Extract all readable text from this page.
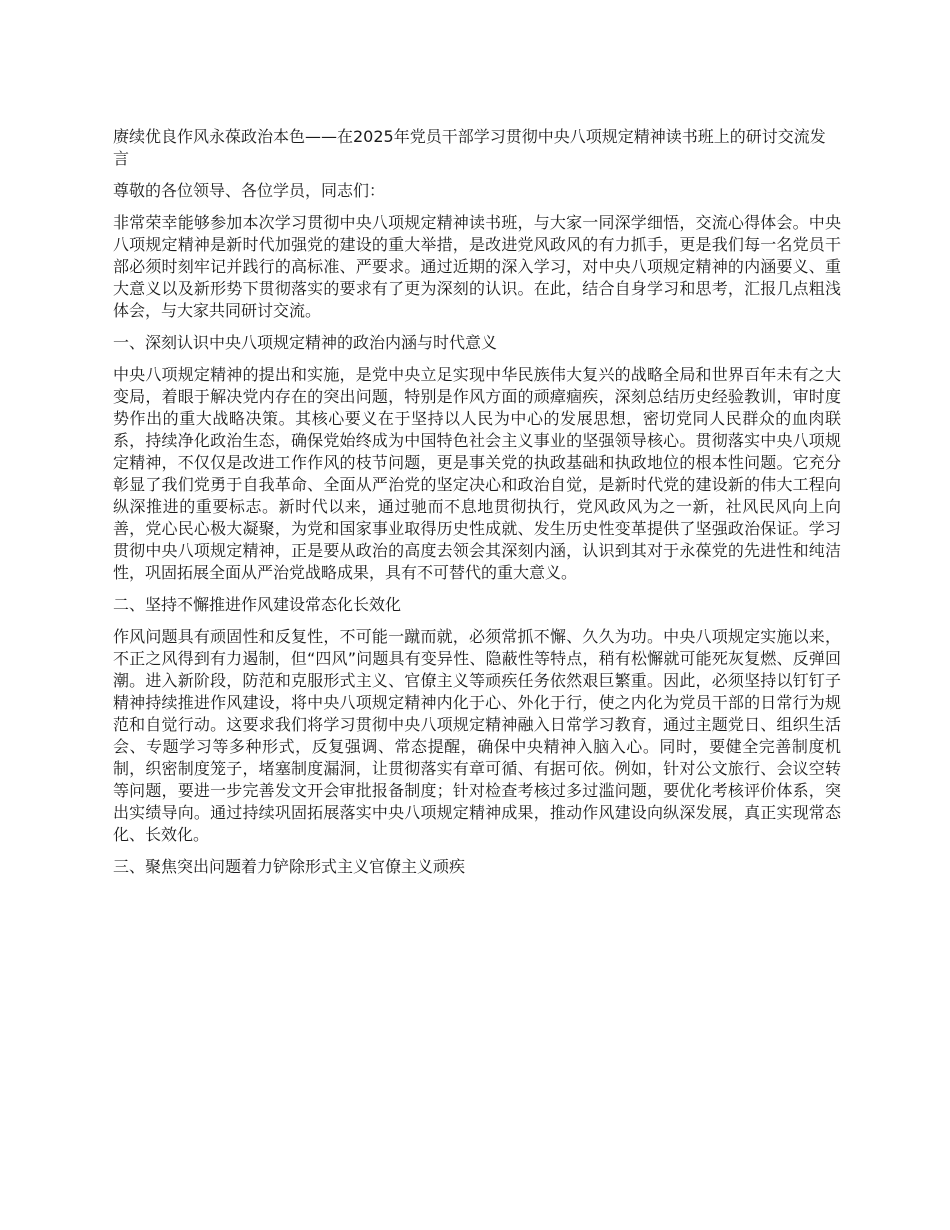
赓续优良作风永葆政治本色——在2025年党员干部学习贯彻中央八项规定精神读书班上的研讨交流发言

尊敬的各位领导、各位学员，同志们：

非常荣幸能够参加本次学习贯彻中央八项规定精神读书班，与大家一同深学细悟，交流心得体会。中央八项规定精神是新时代加强党的建设的重大举措，是改进党风政风的有力抓手，更是我们每一名党员干部必须时刻牢记并践行的高标准、严要求。通过近期的深入学习，对中央八项规定精神的内涵要义、重大意义以及新形势下贯彻落实的要求有了更为深刻的认识。在此，结合自身学习和思考，汇报几点粗浅体会，与大家共同研讨交流。

一、深刻认识中央八项规定精神的政治内涵与时代意义

中央八项规定精神的提出和实施，是党中央立足实现中华民族伟大复兴的战略全局和世界百年未有之大变局，着眼于解决党内存在的突出问题，特别是作风方面的顽瘴痼疾，深刻总结历史经验教训，审时度势作出的重大战略决策。其核心要义在于坚持以人民为中心的发展思想，密切党同人民群众的血肉联系，持续净化政治生态，确保党始终成为中国特色社会主义事业的坚强领导核心。贯彻落实中央八项规定精神，不仅仅是改进工作作风的枝节问题，更是事关党的执政基础和执政地位的根本性问题。它充分彰显了我们党勇于自我革命、全面从严治党的坚定决心和政治自觉，是新时代党的建设新的伟大工程向纵深推进的重要标志。新时代以来，通过驰而不息地贯彻执行，党风政风为之一新，社风民风向上向善，党心民心极大凝聚，为党和国家事业取得历史性成就、发生历史性变革提供了坚强政治保证。学习贯彻中央八项规定精神，正是要从政治的高度去领会其深刻内涵，认识到其对于永葆党的先进性和纯洁性，巩固拓展全面从严治党战略成果，具有不可替代的重大意义。

二、坚持不懈推进作风建设常态化长效化

作风问题具有顽固性和反复性，不可能一蹴而就，必须常抓不懈、久久为功。中央八项规定实施以来，不正之风得到有力遏制，但“四风”问题具有变异性、隐蔽性等特点，稍有松懈就可能死灰复燃、反弹回潮。进入新阶段，防范和克服形式主义、官僚主义等顽疾任务依然艰巨繁重。因此，必须坚持以钉钉子精神持续推进作风建设，将中央八项规定精神内化于心、外化于行，使之内化为党员干部的日常行为规范和自觉行动。这要求我们将学习贯彻中央八项规定精神融入日常学习教育，通过主题党日、组织生活会、专题学习等多种形式，反复强调、常态提醒，确保中央精神入脑入心。同时，要健全完善制度机制，织密制度笼子，堵塞制度漏洞，让贯彻落实有章可循、有据可依。例如，针对公文旅行、会议空转等问题，要进一步完善发文开会审批报备制度；针对检查考核过多过滥问题，要优化考核评价体系，突出实绩导向。通过持续巩固拓展落实中央八项规定精神成果，推动作风建设向纵深发展，真正实现常态化、长效化。

三、聚焦突出问题着力铲除形式主义官僚主义顽疾
